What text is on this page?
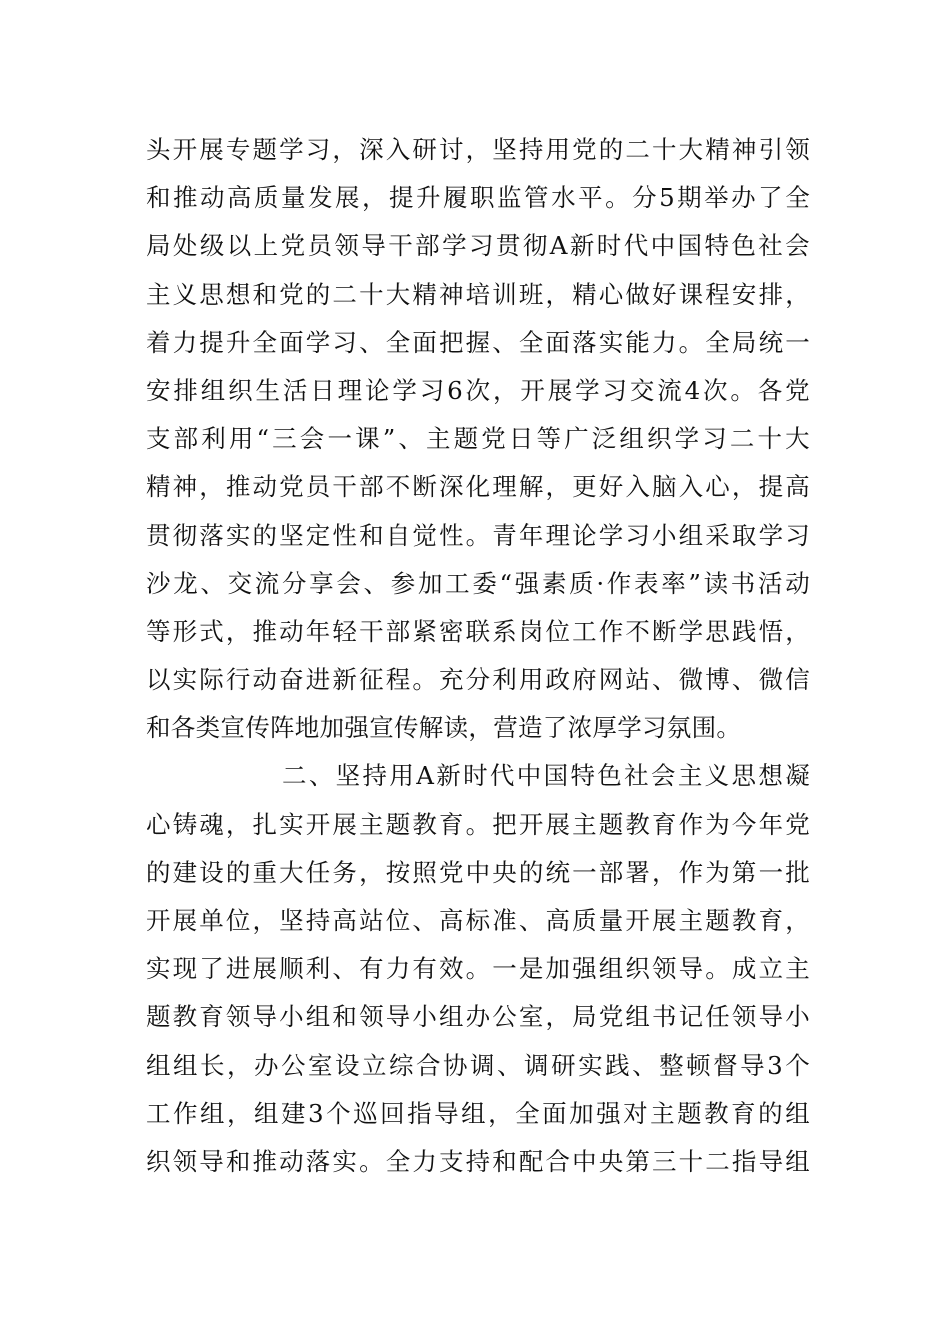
头开展专题学习，深入研讨，坚持用党的二十大精神引领
和推动高质量发展，提升履职监管水平。分5期举办了全
局处级以上党员领导干部学习贯彻A新时代中国特色社会
主义思想和党的二十大精神培训班，精心做好课程安排，
着力提升全面学习、全面把握、全面落实能力。全局统一
安排组织生活日理论学习6次，开展学习交流4次。各党
支部利用“三会一课”、主题党日等广泛组织学习二十大
精神，推动党员干部不断深化理解，更好入脑入心，提高
贯彻落实的坚定性和自觉性。青年理论学习小组采取学习
沙龙、交流分享会、参加工委“强素质·作表率”读书活动
等形式，推动年轻干部紧密联系岗位工作不断学思践悟，
以实际行动奋进新征程。充分利用政府网站、微博、微信
和各类宣传阵地加强宣传解读，营造了浓厚学习氛围。
二、坚持用A新时代中国特色社会主义思想凝
心铸魂，扎实开展主题教育。把开展主题教育作为今年党
的建设的重大任务，按照党中央的统一部署，作为第一批
开展单位，坚持高站位、高标准、高质量开展主题教育，
实现了进展顺利、有力有效。一是加强组织领导。成立主
题教育领导小组和领导小组办公室，局党组书记任领导小
组组长，办公室设立综合协调、调研实践、整顿督导3个
工作组，组建3个巡回指导组，全面加强对主题教育的组
织领导和推动落实。全力支持和配合中央第三十二指导组
